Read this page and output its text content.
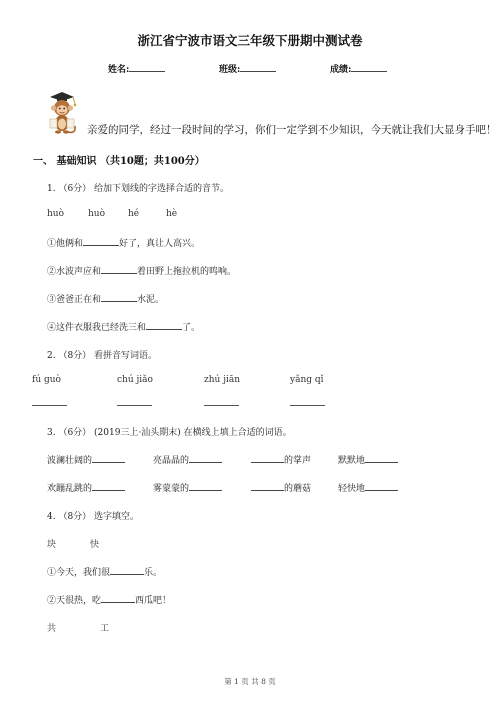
浙江省宁波市语文三年级下册期中测试卷
姓名:	班级:	成绩:
亲爱的同学，经过一段时间的学习，你们一定学到不少知识，今天就让我们大显身手吧！
一、 基础知识 （共10题；共100分）
1. （6分） 给加下划线的字选择合适的音节。
huò	huò	hé	hè
①他俩和	好了，真让人高兴。
②水波声应和	着田野上拖拉机的鸣响。
③爸爸正在和	水泥。
④这件衣服我已经洗三和	了。
2. （8分） 看拼音写词语。
fú guò	chú jiǎo	zhú jiān	yǎng qǐ
3. （6分） (2019三上·汕头期末) 在横线上填上合适的词语。
波澜壮阔的	亮晶晶的	的掌声	默默地
欢蹦乱跳的	雾蒙蒙的	的蘑菇	轻快地
4. （8分） 选字填空。
块	快
①今天，我们很	乐。
②天很热，吃	西瓜吧！
共	工
第 1 页 共 8 页
